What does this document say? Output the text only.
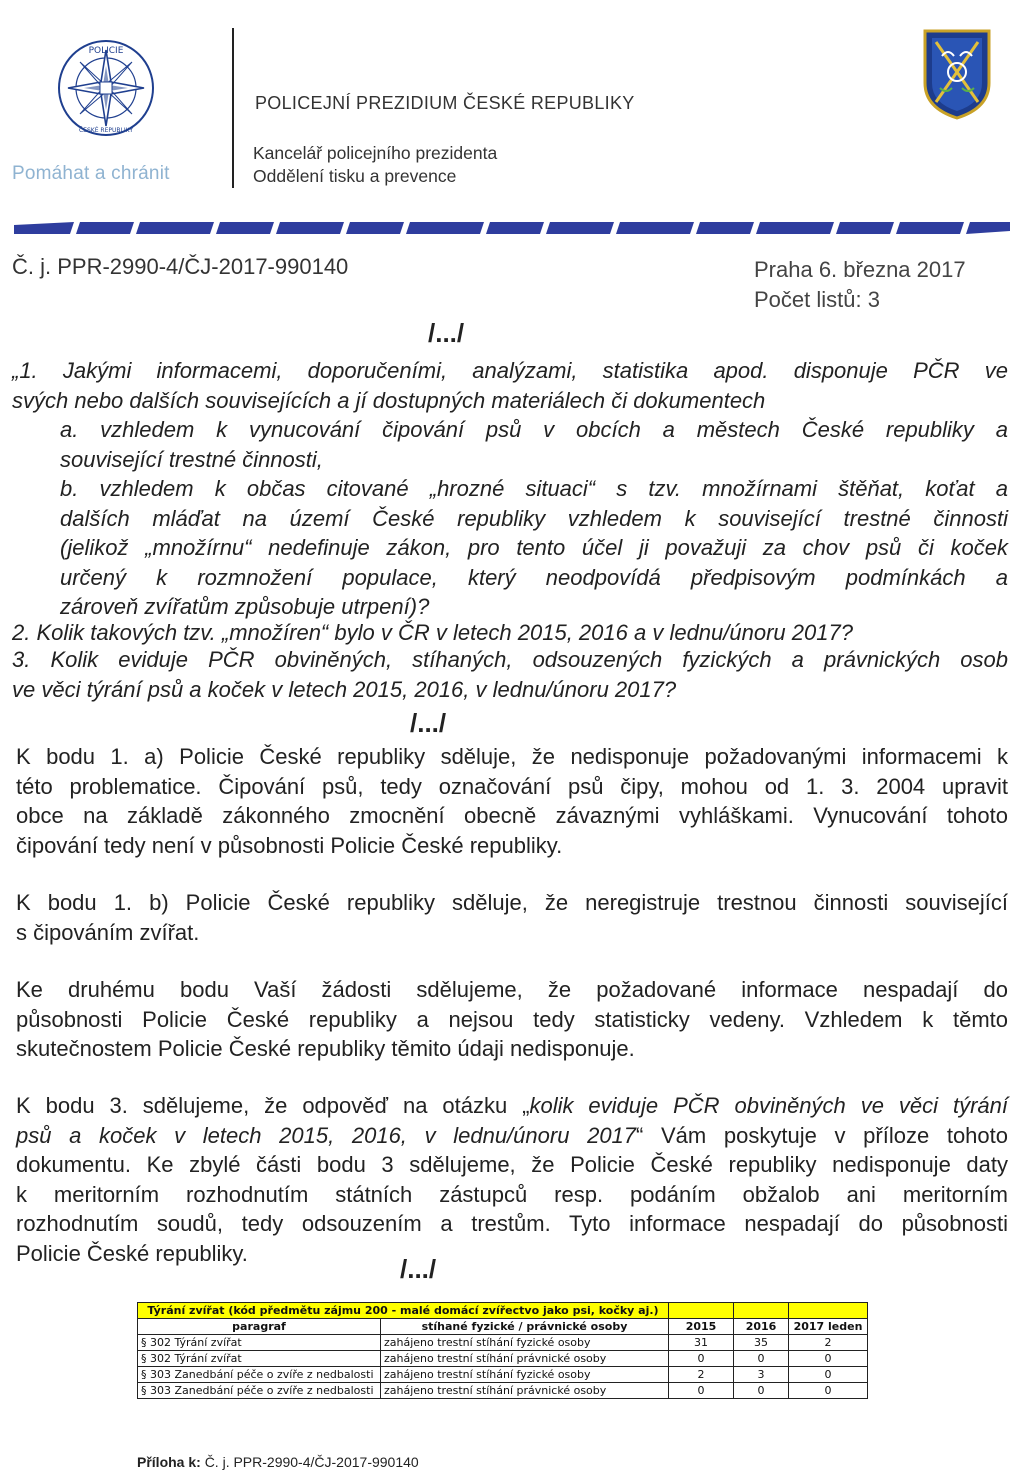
POLICIE
ČESKÉ REPUBLIKY
Pomáhat a chránit
POLICEJNÍ PREZIDIUM ČESKÉ REPUBLIKY
Kancelář policejního prezidenta
Oddělení tisku a prevence
Č. j. PPR-2990-4/ČJ-2017-990140	Praha 6. března 2017
Počet listů: 3
/.../
„1. Jakými informacemi, doporučeními, analýzami, statistika apod. disponuje PČR ve
svých nebo dalších souvisejících a jí dostupných materiálech či dokumentech
a. vzhledem k vynucování čipování psů v obcích a městech České republiky a
související trestné činnosti,
b. vzhledem k občas citované „hrozné situaci“ s tzv. množírnami štěňat, koťat a
dalších mláďat na území České republiky vzhledem k související trestné činnosti
(jelikož „množírnu“ nedefinuje zákon, pro tento účel ji považuji za chov psů či koček
určený k rozmnožení populace, který neodpovídá předpisovým podmínkách a
zároveň zvířatům způsobuje utrpení)?
2. Kolik takových tzv. „množíren“ bylo v ČR v letech 2015, 2016 a v lednu/únoru 2017?
3. Kolik eviduje PČR obviněných, stíhaných, odsouzených fyzických a právnických osob
ve věci týrání psů a koček v letech 2015, 2016, v lednu/únoru 2017?
/.../
K bodu 1. a) Policie České republiky sděluje, že nedisponuje požadovanými informacemi k
této problematice. Čipování psů, tedy označování psů čipy, mohou od 1. 3. 2004 upravit
obce na základě zákonného zmocnění obecně závaznými vyhláškami. Vynucování tohoto
čipování tedy není v působnosti Policie České republiky.
K bodu 1. b) Policie České republiky sděluje, že neregistruje trestnou činnosti související
s čipováním zvířat.
Ke druhému bodu Vaší žádosti sdělujeme, že požadované informace nespadají do
působnosti Policie České republiky a nejsou tedy statisticky vedeny. Vzhledem k těmto
skutečnostem Policie České republiky těmito údaji nedisponuje.
K bodu 3. sdělujeme, že odpověď na otázku „kolik eviduje PČR obviněných ve věci týrání
psů a koček v letech 2015, 2016, v lednu/únoru 2017“ Vám poskytuje v příloze tohoto
dokumentu. Ke zbylé části bodu 3 sdělujeme, že Policie České republiky nedisponuje daty
k meritorním rozhodnutím státních zástupců resp. podáním obžalob ani meritorním
rozhodnutím soudů, tedy odsouzením a trestům. Tyto informace nespadají do působnosti
Policie České republiky.
/.../
Týrání zvířat (kód předmětu zájmu 200 - malé domácí zvířectvo jako psi, kočky aj.)				
paragraf	stíhané fyzické / právnické osoby	2015	2016	2017 leden
§ 302 Týrání zvířat	zahájeno trestní stíhání fyzické osoby	31	35	2
§ 302 Týrání zvířat	zahájeno trestní stíhání právnické osoby	0	0	0
§ 303 Zanedbání péče o zvíře z nedbalosti	zahájeno trestní stíhání fyzické osoby	2	3	0
§ 303 Zanedbání péče o zvíře z nedbalosti	zahájeno trestní stíhání právnické osoby	0	0	0
Příloha k: Č. j. PPR-2990-4/ČJ-2017-990140
